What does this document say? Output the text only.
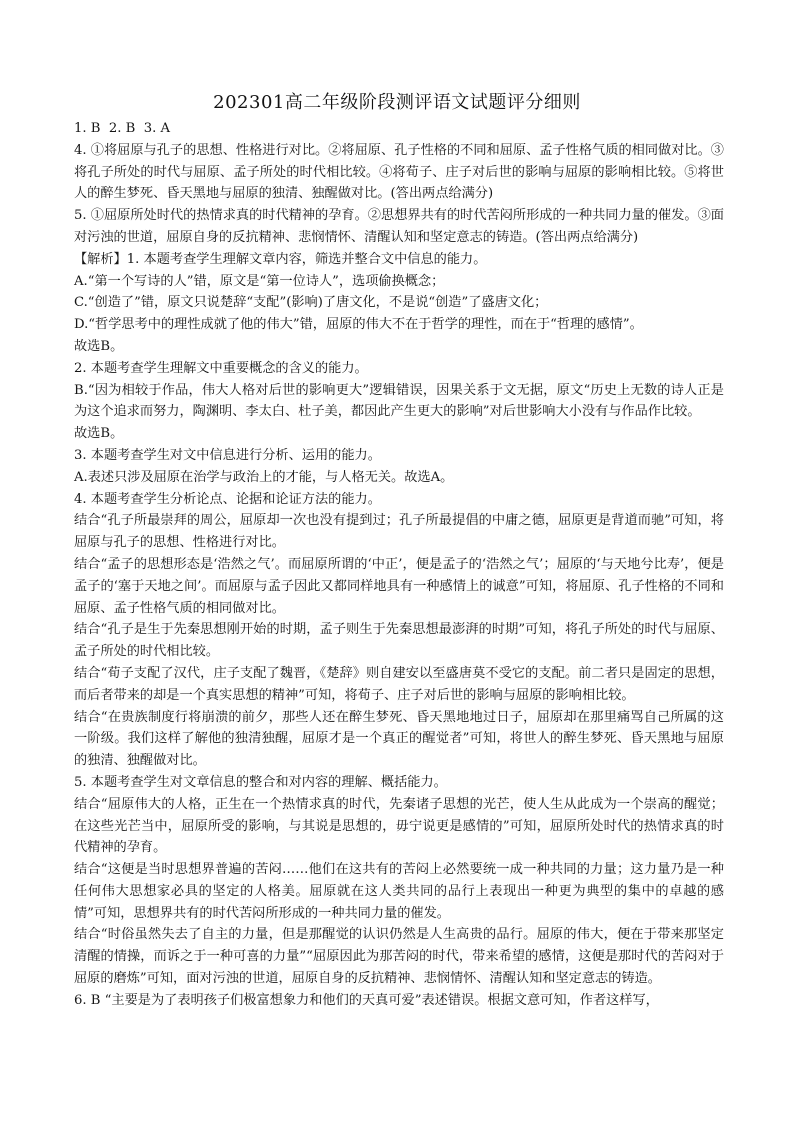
202301高二年级阶段测评语文试题评分细则

1. B  2. B  3. A

4. ①将屈原与孔子的思想、性格进行对比。②将屈原、孔子性格的不同和屈原、孟子性格气质的相同做对比。③将孔子所处的时代与屈原、孟子所处的时代相比较。④将荀子、庄子对后世的影响与屈原的影响相比较。⑤将世人的醉生梦死、昏天黑地与屈原的独清、独醒做对比。(答出两点给满分)

5. ①屈原所处时代的热情求真的时代精神的孕育。②思想界共有的时代苦闷所形成的一种共同力量的催发。③面对污浊的世道，屈原自身的反抗精神、悲悯情怀、清醒认知和坚定意志的铸造。(答出两点给满分)

【解析】1. 本题考查学生理解文章内容，筛选并整合文中信息的能力。

A.“第一个写诗的人”错，原文是“第一位诗人”，选项偷换概念；

C.“创造了”错，原文只说楚辞“支配”(影响)了唐文化，不是说“创造”了盛唐文化；

D.“哲学思考中的理性成就了他的伟大”错，屈原的伟大不在于哲学的理性，而在于“哲理的感情”。

故选B。

2. 本题考查学生理解文中重要概念的含义的能力。

B.“因为相较于作品，伟大人格对后世的影响更大”逻辑错误，因果关系于文无据，原文“历史上无数的诗人正是为这个追求而努力，陶渊明、李太白、杜子美，都因此产生更大的影响”对后世影响大小没有与作品作比较。

故选B。

3. 本题考查学生对文中信息进行分析、运用的能力。

A.表述只涉及屈原在治学与政治上的才能，与人格无关。故选A。

4. 本题考查学生分析论点、论据和论证方法的能力。

结合“孔子所最崇拜的周公，屈原却一次也没有提到过；孔子所最提倡的中庸之德，屈原更是背道而驰”可知，将屈原与孔子的思想、性格进行对比。

结合“孟子的思想形态是‘浩然之气’。而屈原所谓的‘中正’，便是孟子的‘浩然之气’；屈原的‘与天地兮比寿’，便是孟子的‘塞于天地之间’。而屈原与孟子因此又都同样地具有一种感情上的诚意”可知，将屈原、孔子性格的不同和屈原、孟子性格气质的相同做对比。

结合“孔子是生于先秦思想刚开始的时期，孟子则生于先秦思想最澎湃的时期”可知，将孔子所处的时代与屈原、孟子所处的时代相比较。

结合“荀子支配了汉代，庄子支配了魏晋，《楚辞》则自建安以至盛唐莫不受它的支配。前二者只是固定的思想，而后者带来的却是一个真实思想的精神”可知，将荀子、庄子对后世的影响与屈原的影响相比较。

结合“在贵族制度行将崩溃的前夕，那些人还在醉生梦死、昏天黑地地过日子，屈原却在那里痛骂自己所属的这一阶级。我们这样了解他的独清独醒，屈原才是一个真正的醒觉者”可知，将世人的醉生梦死、昏天黑地与屈原的独清、独醒做对比。

5. 本题考查学生对文章信息的整合和对内容的理解、概括能力。

结合“屈原伟大的人格，正生在一个热情求真的时代，先秦诸子思想的光芒，使人生从此成为一个崇高的醒觉；在这些光芒当中，屈原所受的影响，与其说是思想的，毋宁说更是感情的”可知，屈原所处时代的热情求真的时代精神的孕育。

结合“这便是当时思想界普遍的苦闷……他们在这共有的苦闷上必然要统一成一种共同的力量；这力量乃是一种任何伟大思想家必具的坚定的人格美。屈原就在这人类共同的品行上表现出一种更为典型的集中的卓越的感情”可知，思想界共有的时代苦闷所形成的一种共同力量的催发。

结合“时俗虽然失去了自主的力量，但是那醒觉的认识仍然是人生高贵的品行。屈原的伟大，便在于带来那坚定清醒的情操，而诉之于一种可喜的力量”“屈原因此为那苦闷的时代，带来希望的感情，这便是那时代的苦闷对于屈原的磨炼”可知，面对污浊的世道，屈原自身的反抗精神、悲悯情怀、清醒认知和坚定意志的铸造。

6. B “主要是为了表明孩子们极富想象力和他们的天真可爱”表述错误。根据文意可知，作者这样写，
